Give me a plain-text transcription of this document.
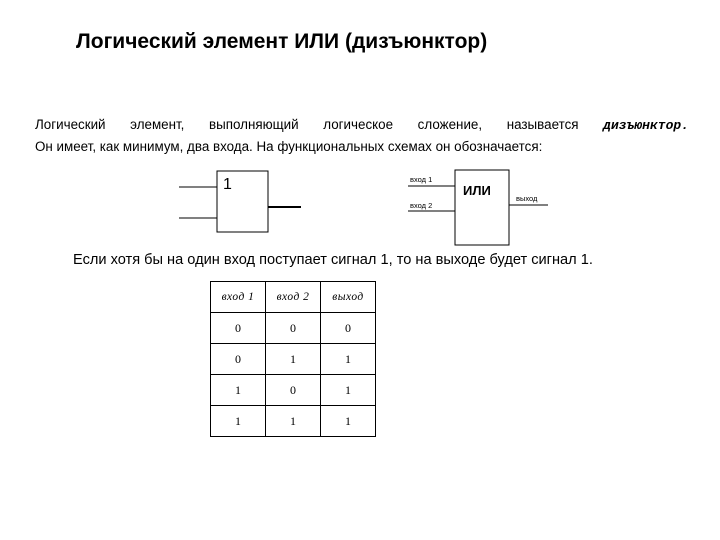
Логический элемент ИЛИ (дизъюнктор)
Логический элемент, выполняющий логическое сложение, называется дизъюнктор.
Он имеет, как минимум, два входа. На функциональных схемах он обозначается:
1	вход 1
вход 2
выход
ИЛИ
Если хотя бы на один вход поступает сигнал 1, то на выходе будет сигнал 1.
вход 1	вход 2	выход
0	0	0
0	1	1
1	0	1
1	1	1
